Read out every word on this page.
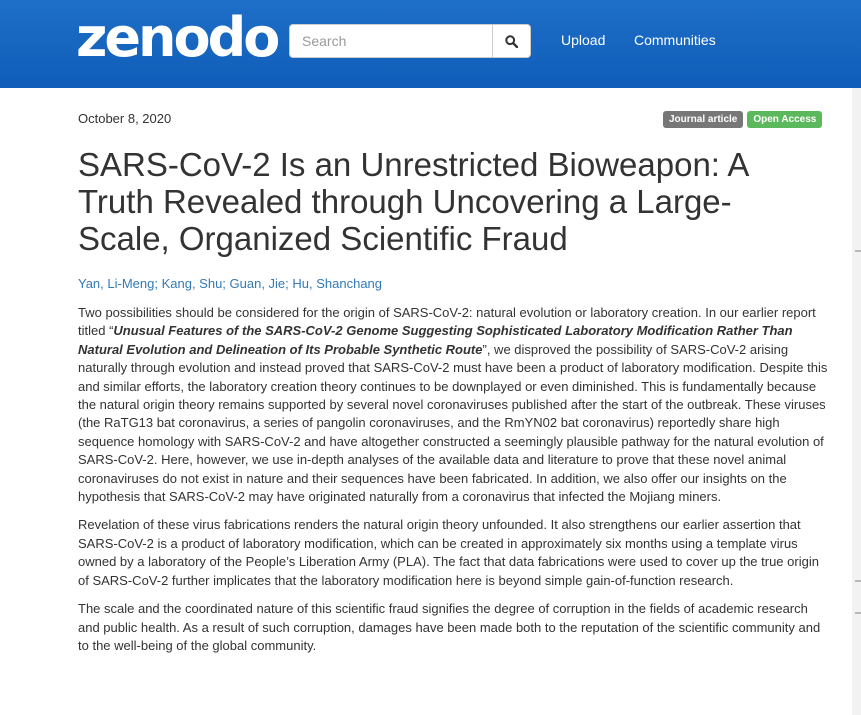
zenodo
Search	Upload Communities
October 8, 2020	Journal article	Open Access
SARS-CoV-2 Is an Unrestricted Bioweapon: A Truth Revealed through Uncovering a Large-Scale, Organized Scientific Fraud
Yan, Li-Meng; Kang, Shu; Guan, Jie; Hu, Shanchang

Two possibilities should be considered for the origin of SARS-CoV-2: natural evolution or laboratory creation. In our earlier report titled “Unusual Features of the SARS-CoV-2 Genome Suggesting Sophisticated Laboratory Modification Rather Than Natural Evolution and Delineation of Its Probable Synthetic Route”, we disproved the possibility of SARS-CoV-2 arising naturally through evolution and instead proved that SARS-CoV-2 must have been a product of laboratory modification. Despite this and similar efforts, the laboratory creation theory continues to be downplayed or even diminished. This is fundamentally because the natural origin theory remains supported by several novel coronaviruses published after the start of the outbreak. These viruses (the RaTG13 bat coronavirus, a series of pangolin coronaviruses, and the RmYN02 bat coronavirus) reportedly share high sequence homology with SARS-CoV-2 and have altogether constructed a seemingly plausible pathway for the natural evolution of SARS-CoV-2. Here, however, we use in-depth analyses of the available data and literature to prove that these novel animal coronaviruses do not exist in nature and their sequences have been fabricated. In addition, we also offer our insights on the hypothesis that SARS-CoV-2 may have originated naturally from a coronavirus that infected the Mojiang miners.

Revelation of these virus fabrications renders the natural origin theory unfounded. It also strengthens our earlier assertion that SARS-CoV-2 is a product of laboratory modification, which can be created in approximately six months using a template virus owned by a laboratory of the People’s Liberation Army (PLA). The fact that data fabrications were used to cover up the true origin of SARS-CoV-2 further implicates that the laboratory modification here is beyond simple gain-of-function research.

The scale and the coordinated nature of this scientific fraud signifies the degree of corruption in the fields of academic research and public health. As a result of such corruption, damages have been made both to the reputation of the scientific community and to the well-being of the global community.
